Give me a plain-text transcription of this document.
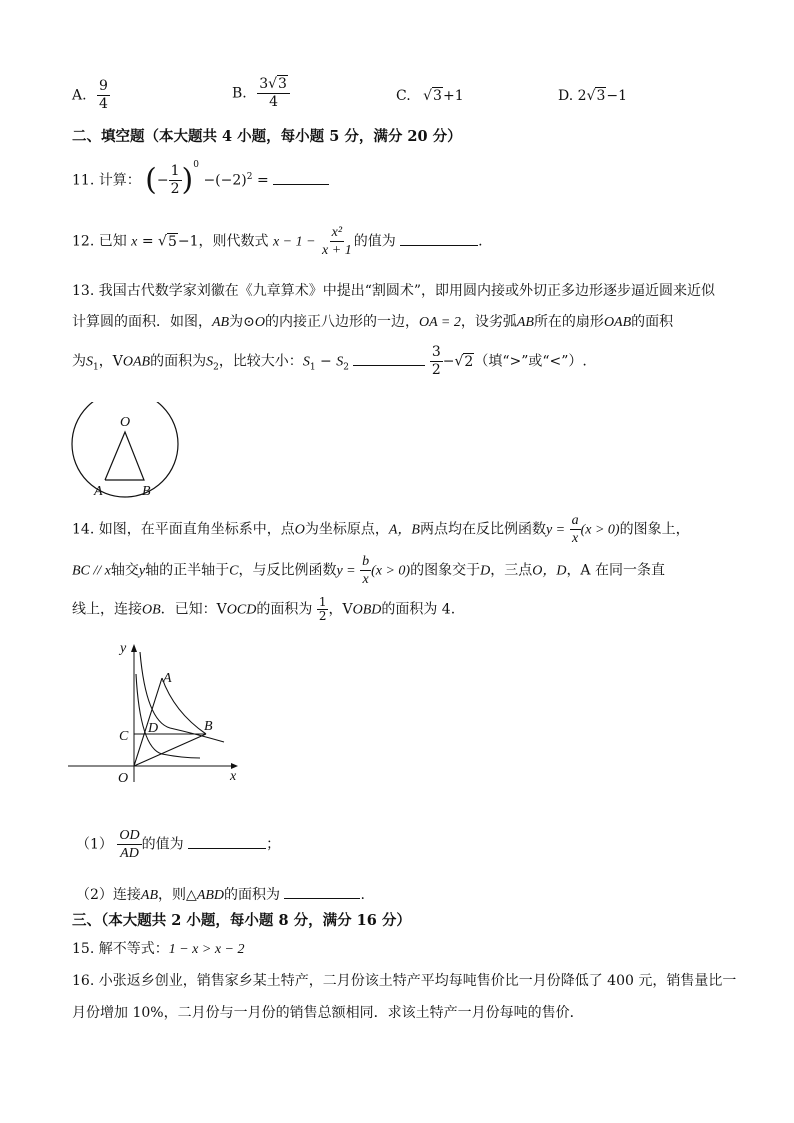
A. $\frac{9}{4}$	B. $\frac{3√3}{4}$	C. √3+1	D. 2√3−1
二、填空题（本大题共 4 小题，每小题 5 分，满分 20 分）
11. 计算： (− $\frac{1}{2} )^0 -(-2)^2$ =
12. 已知 x = √5−1，则代数式 $x - 1 - \frac{\text{x²}}{x + 1}$ 的值为	.
13. 我国古代数学家刘徽在《九章算术》中提出“割圆术”，即用圆内接或外切正多边形逐步逼近圆来近似
计算圆的面积．如图，AB为⊙O的内接正八边形的一边，OA = 2，设劣弧AB所在的扇形OAB的面积
为$S_1$，VOAB的面积为$S_2$，比较大小：$S_1 - S_2$	$\frac{3}{2} -√2$（填“>”或“<”）.
O
A	B
14. 如图，在平面直角坐标系中，点O为坐标原点，A，B两点均在反比例函数$y = \frac{a}{x} (x > 0)$的图象上，
BC // x轴交y轴的正半轴于C，与反比例函数$y = \frac{b}{x} (x > 0)$的图象交于D，三点O，D，A 在同一条直
线上，连接OB．已知：VOCD的面积为 $\frac{1}{2}$ ，VOBD的面积为 4.
y
x
O
C
D
A
B
$(1) \frac{OD}{AD}$ 的值为	；
（2）连接AB，则△ABD的面积为	.
三、（本大题共 2 小题，每小题 8 分，满分 16 分）
15. 解不等式：1 − x > x − 2
16. 小张返乡创业，销售家乡某土特产，二月份该土特产平均每吨售价比一月份降低了 400 元，销售量比一
月份增加 10%，二月份与一月份的销售总额相同．求该土特产一月份每吨的售价．
